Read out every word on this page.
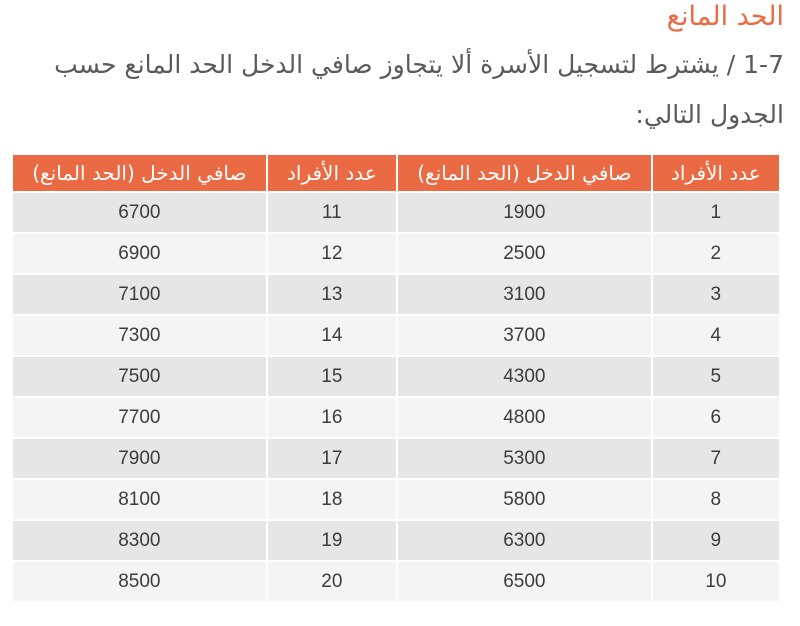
الحد المانع
1-7 / يشترط لتسجيل الأسرة ألا يتجاوز صافي الدخل الحد المانع حسب الجدول التالي:
عدد الأفراد	صافي الدخل (الحد المانع)	عدد الأفراد	صافي الدخل (الحد المانع)
1	1900	11	6700
2	2500	12	6900
3	3100	13	7100
4	3700	14	7300
5	4300	15	7500
6	4800	16	7700
7	5300	17	7900
8	5800	18	8100
9	6300	19	8300
10	6500	20	8500
